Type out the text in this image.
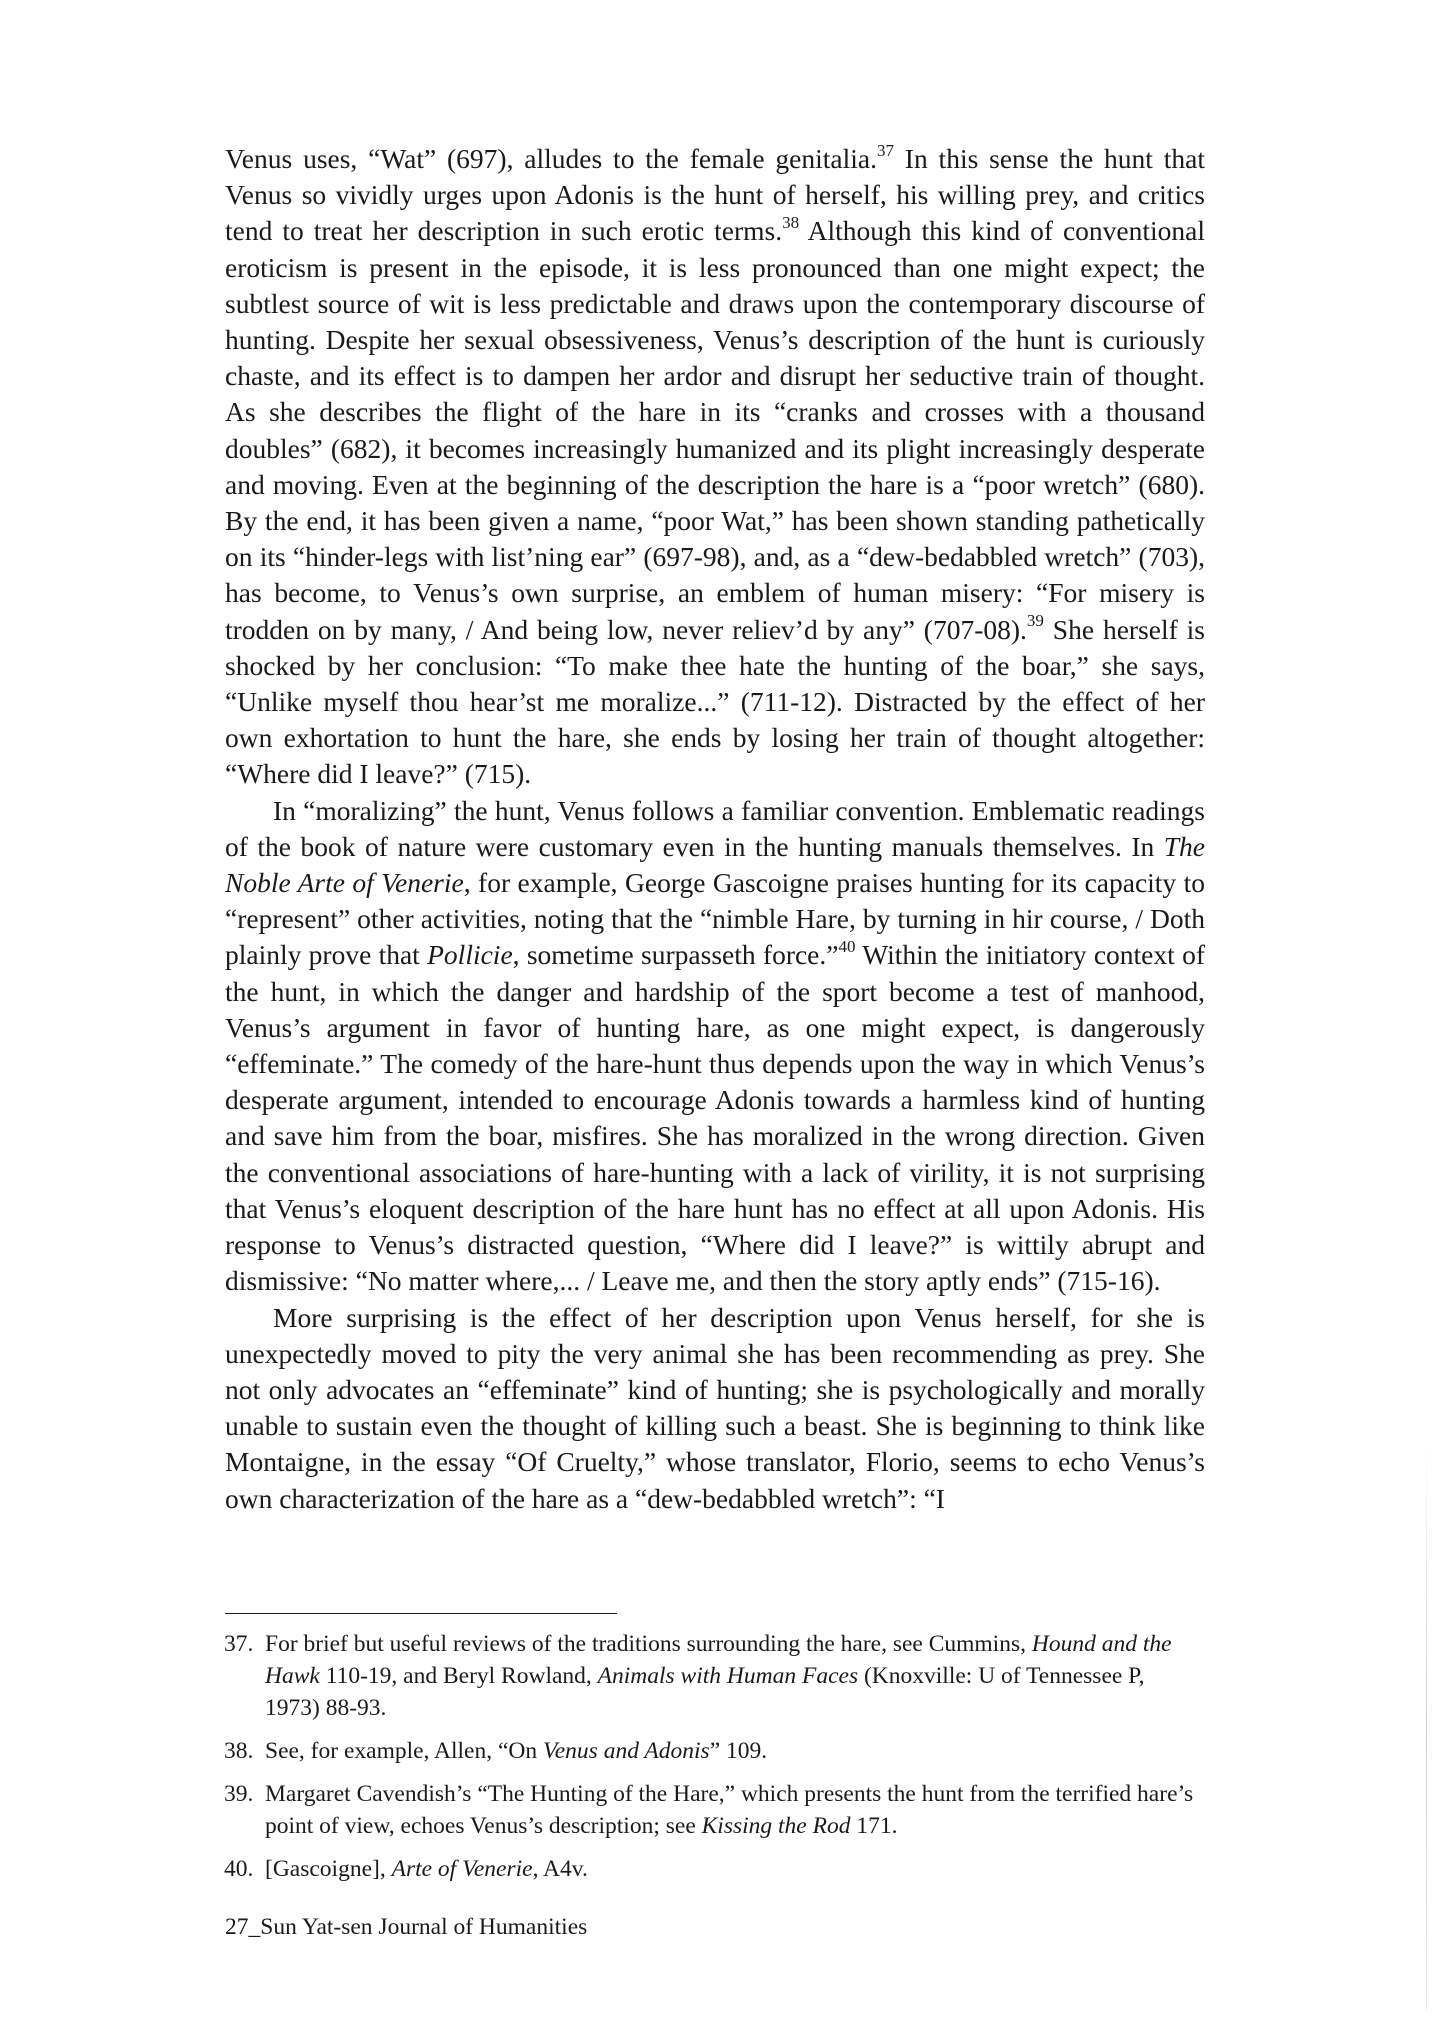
Venus uses, “Wat” (697), alludes to the female genitalia.$^{37}$ In this sense the hunt that Venus so vividly urges upon Adonis is the hunt of herself, his willing prey, and critics tend to treat her description in such erotic terms.$^{38}$ Although this kind of conventional eroticism is present in the episode, it is less pronounced than one might expect; the subtlest source of wit is less predictable and draws upon the contemporary discourse of hunting. Despite her sexual obsessiveness, Venus’s description of the hunt is curiously chaste, and its effect is to dampen her ardor and disrupt her seductive train of thought. As she describes the flight of the hare in its “cranks and crosses with a thousand doubles” (682), it becomes increasingly humanized and its plight increasingly desperate and moving. Even at the beginning of the description the hare is a “poor wretch” (680). By the end, it has been given a name, “poor Wat,” has been shown standing pathetically on its “hinder-legs with list’ning ear” (697-98), and, as a “dew-bedabbled wretch” (703), has become, to Venus’s own surprise, an emblem of human misery: “For misery is trodden on by many, / And being low, never reliev’d by any” (707-08).$^{39}$ She herself is shocked by her conclusion: “To make thee hate the hunting of the boar,” she says, “Unlike myself thou hear’st me moralize...” (711-12). Distracted by the effect of her own exhortation to hunt the hare, she ends by losing her train of thought altogether: “Where did I leave?” (715).

In “moralizing” the hunt, Venus follows a familiar convention. Emblematic readings of the book of nature were customary even in the hunting manuals themselves. In The Noble Arte of Venerie, for example, George Gascoigne praises hunting for its capacity to “represent” other activities, noting that the “nimble Hare, by turning in hir course, / Doth plainly prove that Pollicie, sometime surpasseth force.”$^{40}$ Within the initiatory context of the hunt, in which the danger and hardship of the sport become a test of manhood, Venus’s argument in favor of hunting hare, as one might expect, is dangerously “effeminate.” The comedy of the hare-hunt thus depends upon the way in which Venus’s desperate argument, intended to encourage Adonis towards a harmless kind of hunting and save him from the boar, misfires. She has moralized in the wrong direction. Given the conventional associations of hare-hunting with a lack of virility, it is not surprising that Venus’s eloquent description of the hare hunt has no effect at all upon Adonis. His response to Venus’s distracted question, “Where did I leave?” is wittily abrupt and dismissive: “No matter where,... / Leave me, and then the story aptly ends” (715-16).

More surprising is the effect of her description upon Venus herself, for she is unexpectedly moved to pity the very animal she has been recommending as prey. She not only advocates an “effeminate” kind of hunting; she is psychologically and morally unable to sustain even the thought of killing such a beast. She is beginning to think like Montaigne, in the essay “Of Cruelty,” whose translator, Florio, seems to echo Venus’s own characterization of the hare as a “dew-bedabbled wretch”: “I

37. For brief but useful reviews of the traditions surrounding the hare, see Cummins, Hound and the Hawk 110-19, and Beryl Rowland, Animals with Human Faces (Knoxville: U of Tennessee P, 1973) 88-93.
38. See, for example, Allen, “On Venus and Adonis” 109.
39. Margaret Cavendish’s “The Hunting of the Hare,” which presents the hunt from the terrified hare’s point of view, echoes Venus’s description; see Kissing the Rod 171.
40. [Gascoigne], Arte of Venerie, A4v.
27_Sun Yat-sen Journal of Humanities
